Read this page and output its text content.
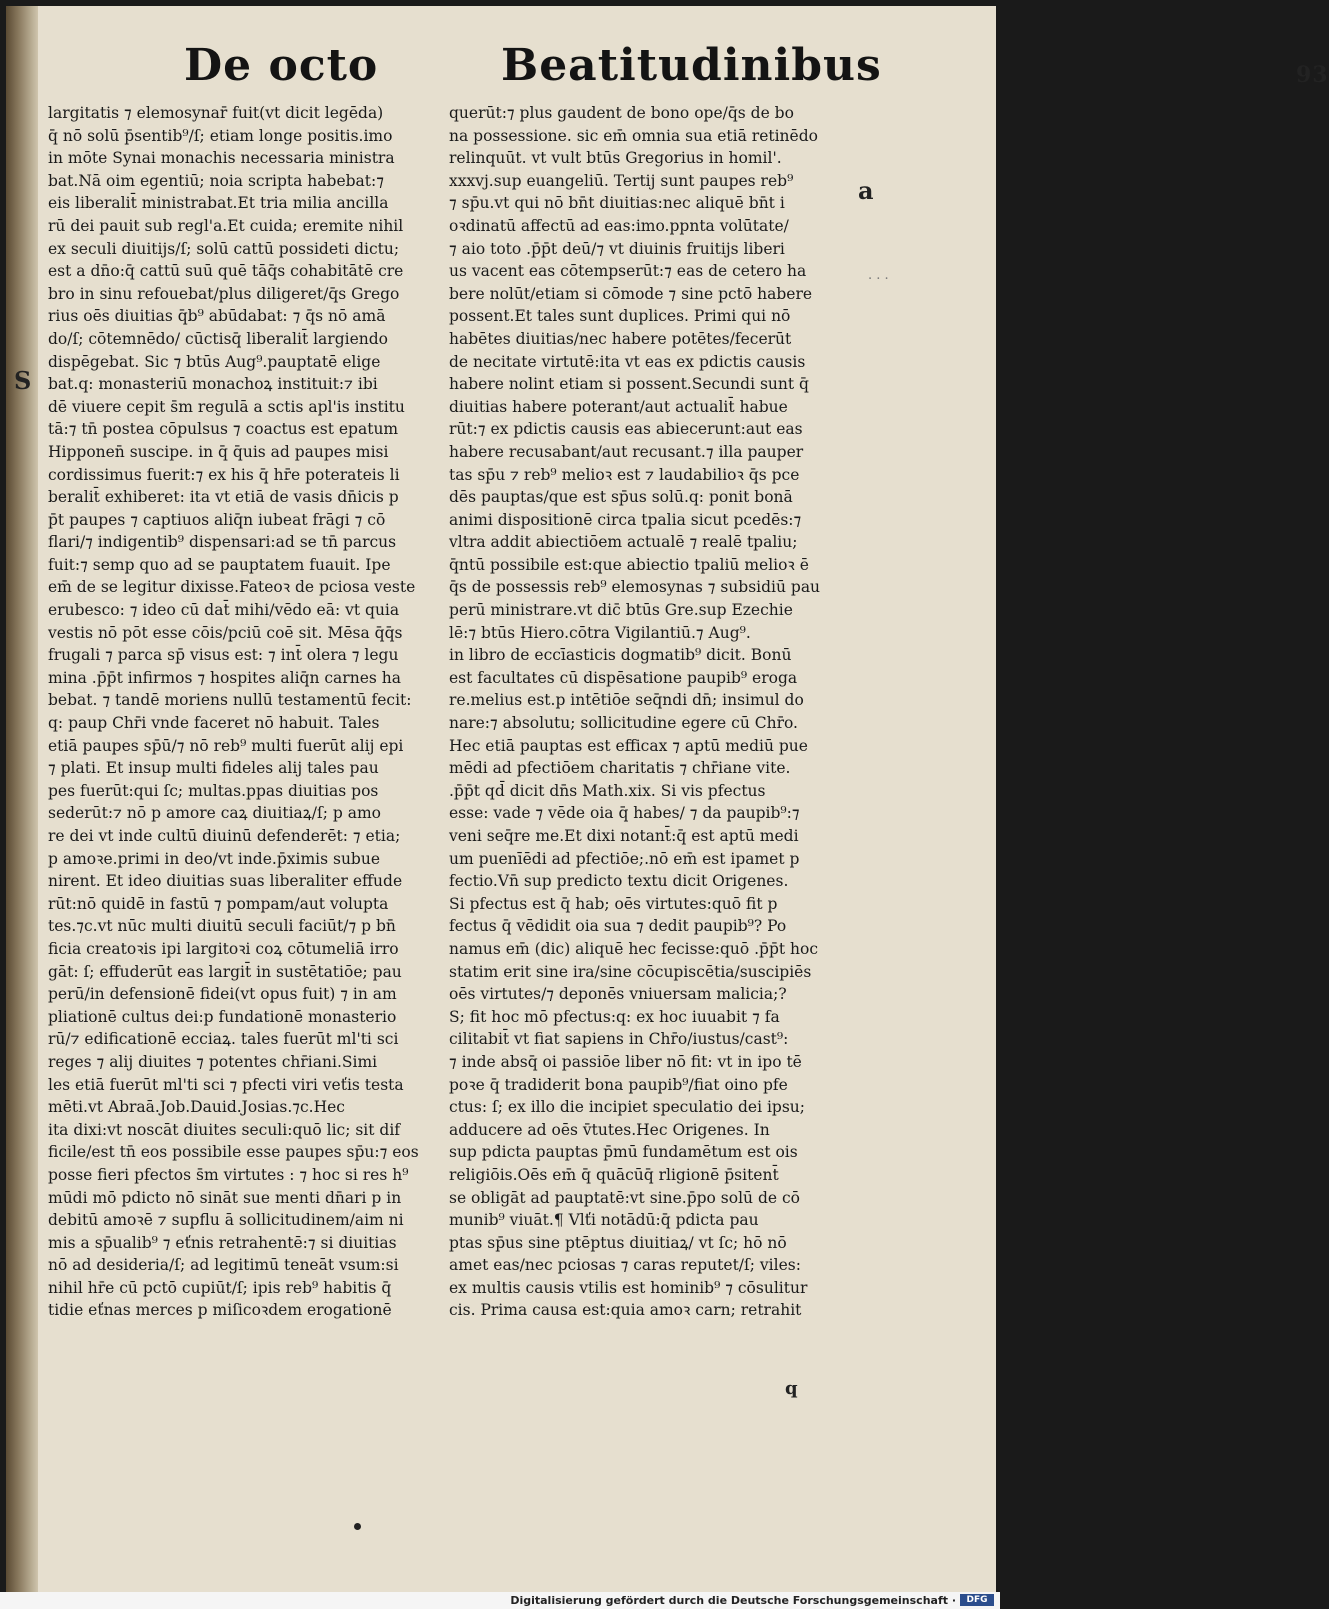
De octo	Beatitudinibus	93
S
a
. . .
largitatis ⁊ elemosynar̄ fuit(vt dicit legēda)
q̄ nō solū p̄sentib⁹/ſ; etiam longe positis.imo
in mōte Synai monachis necessaria ministra
bat.Nā oim egentiū; noia scripta habebat:⁊
eis liberalit̄ ministrabat.Et tria milia ancilla
rū dei pauit sub regl'a.Et cuida; eremite nihil
ex seculi diuitijs/ſ; solū cattū possideti dictu;
est a dn̄o:q̄ cattū suū quē tāq̄s cohabitātē cre
bro in sinu refouebat/plus diligeret/q̄s Grego
rius oēs diuitias q̄b⁹ abūdabat: ⁊ q̄s nō amā
do/ſ; cōtemnēdo/ cūctisq̄ liberalit̄ largiendo
dispēgebat. Sic ⁊ btūs Aug⁹.pauptatē elige
bat.q: monasteriū monachoꝝ instituit:⁊ ibi
dē viuere cepit s̄m regulā a sctis apl'is institu
tā:⁊ tn̄ postea cōpulsus ⁊ coactus est epatum
Hipponen̄ suscipe. in q̄ q̄uis ad paupes misi
cordissimus fuerit:⁊ ex his q̄ hr̄e poterateis li
beralit̄ exhiberet: ita vt etiā de vasis dn̄icis p
p̄t paupes ⁊ captiuos aliq̄n iubeat frāgi ⁊ cō
flari/⁊ indigentib⁹ dispensari:ad se tn̄ parcus
fuit:⁊ semp quo ad se pauptatem fuauit. Ipe
em̄ de se legitur dixisse.Fateoꝛ de pciosa veste
erubesco: ⁊ ideo cū dat̄ mihi/vēdo eā: vt quia
vestis nō pōt esse cōis/pciū coē sit. Mēsa q̄q̄s
frugali ⁊ parca sp̄ visus est: ⁊ int̄ olera ⁊ legu
mina .p̄p̄t infirmos ⁊ hospites aliq̄n carnes ha
bebat. ⁊ tandē moriens nullū testamentū fecit:
q: paup Chr̄i vnde faceret nō habuit. Tales
etiā paupes sp̄ū/⁊ nō reb⁹ multi fuerūt alij epi
⁊ plati. Et insup multi fideles alij tales pau
pes fuerūt:qui ſc; multas.ppas diuitias pos
sederūt:⁊ nō p amore caꝝ diuitiaꝝ/ſ; p amo
re dei vt inde cultū diuinū defenderēt: ⁊ etia;
p amoꝛe.primi in deo/vt inde.p̄ximis subue
nirent. Et ideo diuitias suas liberaliter effude
rūt:nō quidē in fastū ⁊ pompam/aut volupta
tes.⁊c.vt nūc multi diuitū seculi faciūt/⁊ p bn̄
ficia creatoꝛis ipi largitoꝛi coꝝ cōtumeliā irro
gāt: ſ; effuderūt eas largit̄ in sustētatiōe; pau
perū/in defensionē fidei(vt opus fuit) ⁊ in am
pliationē cultus dei:p fundationē monasterio
rū/⁊ edificationē ecciaꝝ. tales fuerūt ml'ti sci
reges ⁊ alij diuites ⁊ potentes chr̄iani.Simi
les etiā fuerūt ml'ti sci ⁊ pfecti viri veťis testa
mēti.vt Abraā.Job.Dauid.Josias.⁊c.Hec
ita dixi:vt noscāt diuites seculi:quō lic; sit dif
ficile/est tn̄ eos possibile esse paupes sp̄u:⁊ eos
posse fieri pfectos s̄m virtutes : ⁊ hoc si res h⁹
mūdi mō pdicto nō sināt sue menti dn̄ari p in
debitū amoꝛē ⁊ supflu ā sollicitudinem/aim ni
mis a sp̄ualib⁹ ⁊ eťnis retrahentē:⁊ si diuitias
nō ad desideria/ſ; ad legitimū teneāt vsum:si
nihil hr̄e cū pctō cupiūt/ſ; ipis reb⁹ habitis q̄
tidie eťnas merces p miſicoꝛdem erogationē
querūt:⁊ plus gaudent de bono ope/q̄s de bo
na possessione. sic em̄ omnia sua etiā retinēdo
relinquūt. vt vult btūs Gregorius in homil'.
xxxvj.sup euangeliū. Tertij sunt paupes reb⁹
⁊ sp̄u.vt qui nō bn̄t diuitias:nec aliquē bn̄t i
oꝛdinatū affectū ad eas:imo.ppnta volūtate/
⁊ aio toto .p̄p̄t deū/⁊ vt diuinis fruitijs liberi
us vacent eas cōtempserūt:⁊ eas de cetero ha
bere nolūt/etiam si cōmode ⁊ sine pctō habere
possent.Et tales sunt duplices. Primi qui nō
habētes diuitias/nec habere potētes/fecerūt
de necitate virtutē:ita vt eas ex pdictis causis
habere nolint etiam si possent.Secundi sunt q̄
diuitias habere poterant/aut actualit̄ habue
rūt:⁊ ex pdictis causis eas abiecerunt:aut eas
habere recusabant/aut recusant.⁊ illa pauper
tas sp̄u ⁊ reb⁹ melioꝛ est ⁊ laudabilioꝛ q̄s pce
dēs pauptas/que est sp̄us solū.q: ponit bonā
animi dispositionē circa tpalia sicut pcedēs:⁊
vltra addit abiectiōem actualē ⁊ realē tpaliu;
q̄ntū possibile est:que abiectio tpaliū melioꝛ ē
q̄s de possessis reb⁹ elemosynas ⁊ subsidiū pau
perū ministrare.vt dic̄ btūs Gre.sup Ezechie
lē:⁊ btūs Hiero.cōtra Vigilantiū.⁊ Aug⁹.
in libro de eccīasticis dogmatib⁹ dicit. Bonū
est facultates cū dispēsatione paupib⁹ eroga
re.melius est.p intētiōe seq̄ndi dn̄; insimul do
nare:⁊ absolutu; sollicitudine egere cū Chr̄o.
Hec etiā pauptas est efficax ⁊ aptū mediū pue
mēdi ad pfectiōem charitatis ⁊ chr̄iane vite.
.p̄p̄t qd̄ dicit dn̄s Math.xix. Si vis pfectus
esse: vade ⁊ vēde oia q̄ habes/ ⁊ da paupib⁹:⁊
veni seq̄re me.Et dixi notant̄:q̄ est aptū medi
um puenīēdi ad pfectiōe;.nō em̄ est ipamet p
fectio.Vn̄ sup predicto textu dicit Origenes.
Si pfectus est q̄ hab; oēs virtutes:quō fit p
fectus q̄ vēdidit oia sua ⁊ dedit paupib⁹? Po
namus em̄ (dic) aliquē hec fecisse:quō .p̄p̄t hoc
statim erit sine ira/sine cōcupiscētia/suscipiēs
oēs virtutes/⁊ deponēs vniuersam malicia;?
S; fit hoc mō pfectus:q: ex hoc iuuabit ⁊ fa
cilitabit̄ vt fiat sapiens in Chr̄o/iustus/cast⁹:
⁊ inde absq̄ oi passiōe liber nō fit: vt in ipo tē
poꝛe q̄ tradiderit bona paupib⁹/fiat oino pfe
ctus: ſ; ex illo die incipiet speculatio dei ipsu;
adducere ad oēs v̄tutes.Hec Origenes. In
sup pdicta pauptas p̄mū fundamētum est ois
religiōis.Oēs em̄ q̄ quācūq̄ rligionē p̄sitent̄
se obligāt ad pauptatē:vt sine.p̄po solū de cō
munib⁹ viuāt.¶ Vlťi notādū:q̄ pdicta pau
ptas sp̄us sine ptēptus diuitiaꝝ/ vt ſc; hō nō
amet eas/nec pciosas ⁊ caras reputet/ſ; viles:
ex multis causis vtilis est hominib⁹ ⁊ cōsulitur
cis. Prima causa est:quia amoꝛ carn; retrahit
q
Digitalisierung gefördert durch die Deutsche Forschungsgemeinschaft ·	DFG
